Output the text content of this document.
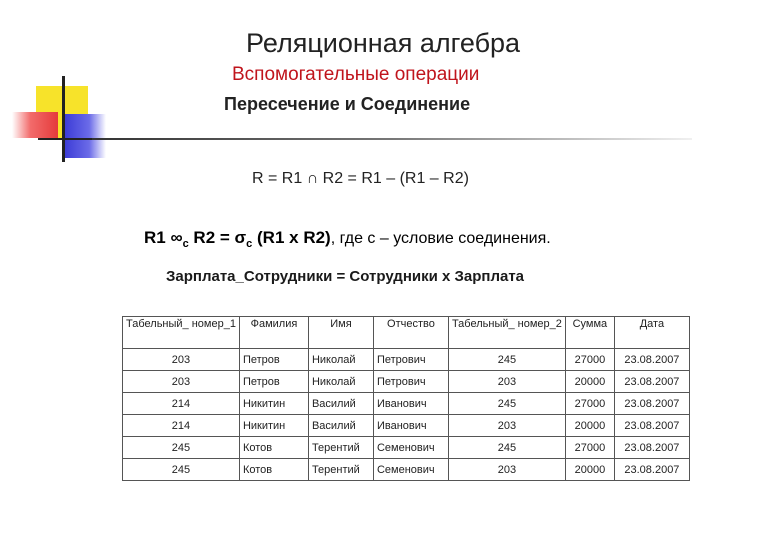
Реляционная алгебра
Вспомогательные операции
Пересечение и Соединение
R = R1 ∩ R2 = R1 – (R1 – R2)
R1 $\infty_c$ $R2 = \sigma_c$ (R1 x R2), где c – условие соединения.
Зарплата_Сотрудники = Сотрудники х Зарплата
Табельный_ номер_1	Фамилия	Имя	Отчество	Табельный_ номер_2	Сумма	Дата
203	Петров	Николай	Петрович	245	27000	23.08.2007
203	Петров	Николай	Петрович	203	20000	23.08.2007
214	Никитин	Василий	Иванович	245	27000	23.08.2007
214	Никитин	Василий	Иванович	203	20000	23.08.2007
245	Котов	Терентий	Семенович	245	27000	23.08.2007
245	Котов	Терентий	Семенович	203	20000	23.08.2007
